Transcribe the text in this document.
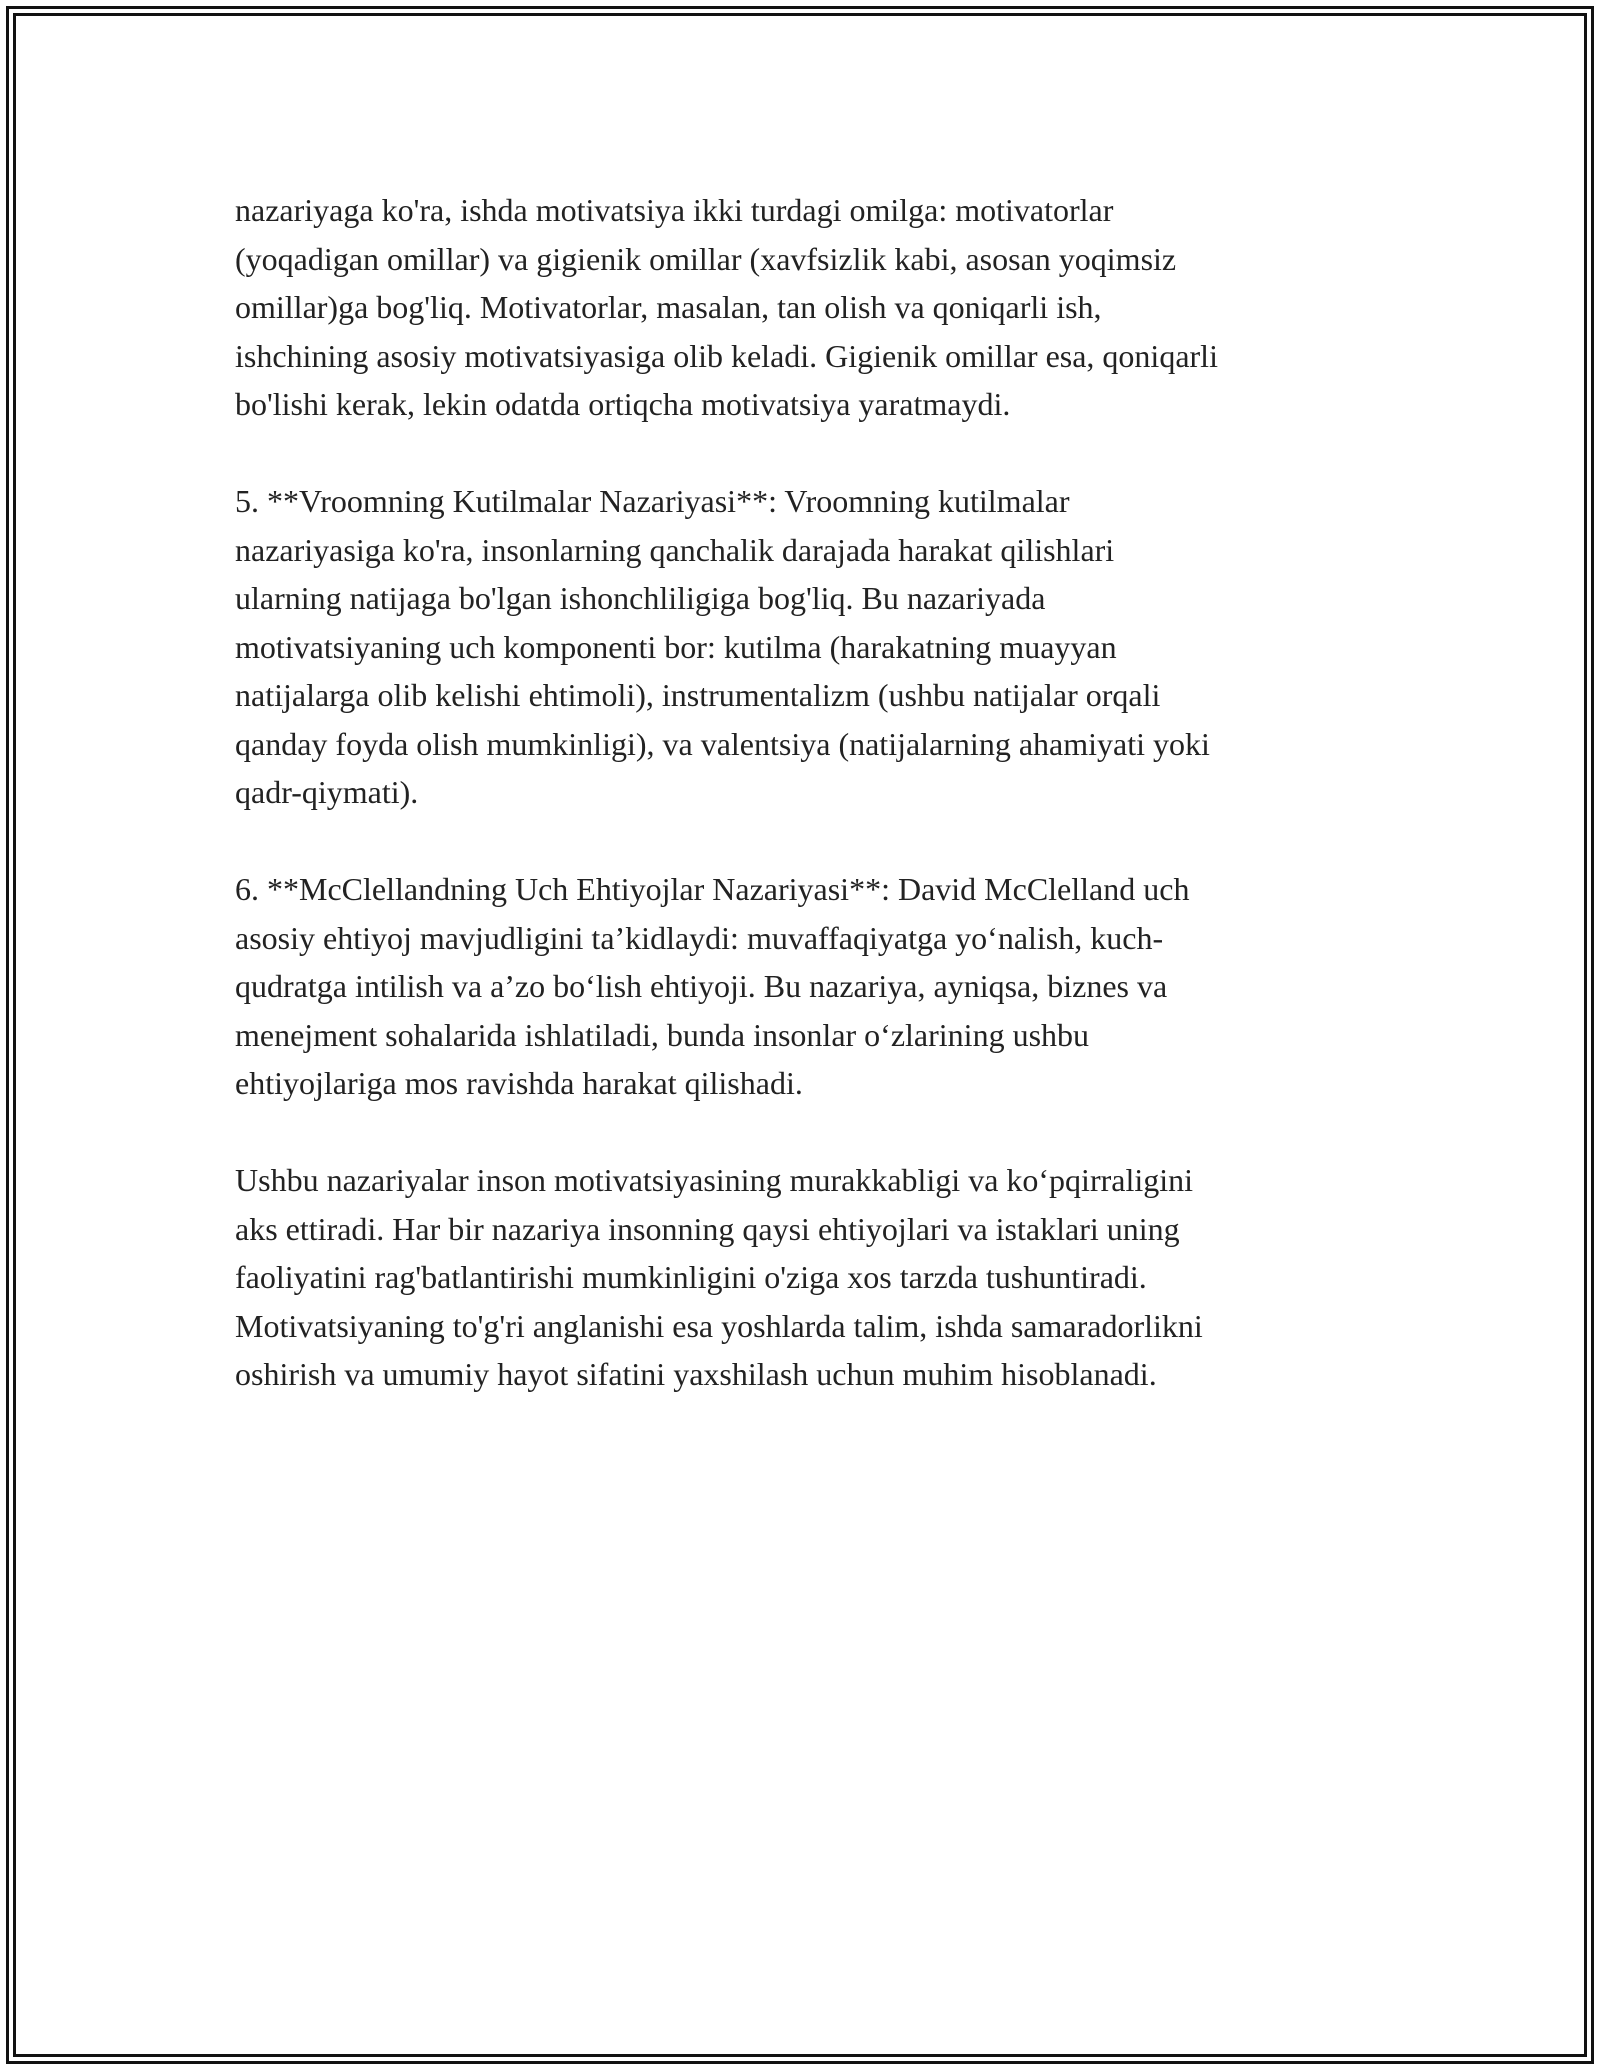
nazariyaga ko'ra, ishda motivatsiya ikki turdagi omilga: motivatorlar
(yoqadigan omillar) va gigienik omillar (xavfsizlik kabi, asosan yoqimsiz
omillar)ga bog'liq. Motivatorlar, masalan, tan olish va qoniqarli ish,
ishchining asosiy motivatsiyasiga olib keladi. Gigienik omillar esa, qoniqarli
bo'lishi kerak, lekin odatda ortiqcha motivatsiya yaratmaydi.

5. **Vroomning Kutilmalar Nazariyasi**: Vroomning kutilmalar
nazariyasiga ko'ra, insonlarning qanchalik darajada harakat qilishlari
ularning natijaga bo'lgan ishonchliligiga bog'liq. Bu nazariyada
motivatsiyaning uch komponenti bor: kutilma (harakatning muayyan
natijalarga olib kelishi ehtimoli), instrumentalizm (ushbu natijalar orqali
qanday foyda olish mumkinligi), va valentsiya (natijalarning ahamiyati yoki
qadr-qiymati).

6. **McClellandning Uch Ehtiyojlar Nazariyasi**: David McClelland uch
asosiy ehtiyoj mavjudligini ta’kidlaydi: muvaffaqiyatga yo‘nalish, kuch-
qudratga intilish va a’zo bo‘lish ehtiyoji. Bu nazariya, ayniqsa, biznes va
menejment sohalarida ishlatiladi, bunda insonlar o‘zlarining ushbu
ehtiyojlariga mos ravishda harakat qilishadi.

Ushbu nazariyalar inson motivatsiyasining murakkabligi va ko‘pqirraligini
aks ettiradi. Har bir nazariya insonning qaysi ehtiyojlari va istaklari uning
faoliyatini rag'batlantirishi mumkinligini o'ziga xos tarzda tushuntiradi.
Motivatsiyaning to'g'ri anglanishi esa yoshlarda talim, ishda samaradorlikni
oshirish va umumiy hayot sifatini yaxshilash uchun muhim hisoblanadi.
